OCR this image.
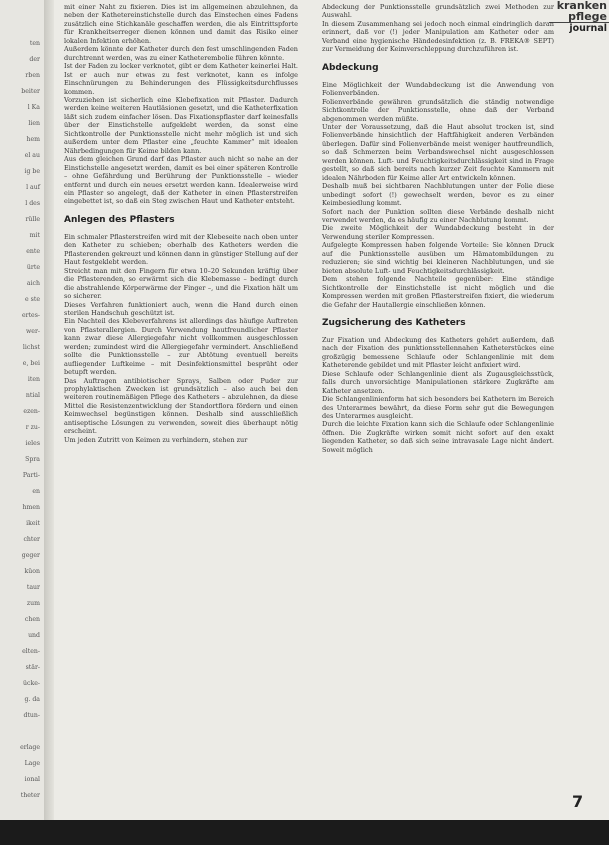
ten
der
rben
beiter
l Ka
lien
hem
el au
ig be
l auf
l des
rülle
mit
ente
ürte
aich
e ste
ertes-
wer-
lichst
e, bei
iten
ntial
ezen-
r zu-
ieles
Spra
Parti-
en
hmen
ikeit
chter
geger
küon
taur
zum
chen
und
elten-
stär-
ücke-
g. da
dtun-
erlage
Lage
ional
theter
kranken
pflege
journal

mit einer Naht zu fixieren. Dies ist im allgemeinen abzulehnen, da neben der Kathetereinstichstelle durch das Einstechen eines Fadens zusätzlich eine Stichkanäle geschaffen werden, die als Eintrittspforte für Krankheitserreger dienen können und damit das Risiko einer lokalen Infektion erhöhen.

Außerdem könnte der Katheter durch den fest umschlingenden Faden durchtrennt werden, was zu einer Katheterembolie führen könnte.

Ist der Faden zu locker verknotet, gibt er dem Katheter keinerlei Halt. Ist er auch nur etwas zu fest verknotet, kann es infolge Einschnürungen zu Behinderungen des Flüssigkeitsdurchflusses kommen.

Vorzuziehen ist sicherlich eine Klebefixation mit Pflaster. Dadurch werden keine weiteren Hautläsionen gesetzt, und die Katheterfixation läßt sich zudem einfacher lösen. Das Fixationspflaster darf keinesfalls über der Einstichstelle aufgeklebt werden, da sonst eine Sichtkontrolle der Punktionsstelle nicht mehr möglich ist und sich außerdem unter dem Pflaster eine „feuchte Kammer“ mit idealen Nährbedingungen für Keime bilden kann.

Aus dem gleichen Grund darf das Pflaster auch nicht so nahe an der Einstichstelle angesetzt werden, damit es bei einer späteren Kontrolle – ohne Gefährdung und Berührung der Punktionsstelle – wieder entfernt und durch ein neues ersetzt werden kann. Idealerweise wird ein Pflaster so angelegt, daß der Katheter in einen Pflasterstreifen eingebettet ist, so daß ein Steg zwischen Haut und Katheter entsteht.

Anlegen des Pflasters

Ein schmaler Pflasterstreifen wird mit der Klebeseite nach oben unter den Katheter zu schieben; oberhalb des Katheters werden die Pflasterenden gekreuzt und können dann in günstiger Stellung auf der Haut festgeklebt werden.

Streicht man mit den Fingern für etwa 10–20 Sekunden kräftig über die Pflasterenden, so erwärmt sich die Klebemasse – bedingt durch die abstrahlende Körperwärme der Finger –, und die Fixation hält um so sicherer.

Dieses Verfahren funktioniert auch, wenn die Hand durch einen sterilen Handschuh geschützt ist.

Ein Nachteil des Klebeverfahrens ist allerdings das häufige Auftreten von Pflasterallergien. Durch Verwendung hautfreundlicher Pflaster kann zwar diese Allergiegefahr nicht vollkommen ausgeschlossen werden; zumindest wird die Allergiegefahr vermindert. Anschließend sollte die Punktionsstelle – zur Abtötung eventuell bereits aufliegender Luftkeime – mit Desinfektionsmittel besprüht oder betupft werden.

Das Auftragen antibiotischer Sprays, Salben oder Puder zur prophylaktischen Zwecken ist grundsätzlich – also auch bei den weiteren routinemäßigen Pflege des Katheters – abzulehnen, da diese Mittel die Resistenzentwicklung der Standortflora fördern und einen Keimwechsel begünstigen können. Deshalb sind ausschließlich antiseptische Lösungen zu verwenden, soweit dies überhaupt nötig erscheint.

Um jeden Zutritt von Keimen zu verhindern, stehen zur

Abdeckung der Punktionsstelle grundsätzlich zwei Methoden zur Auswahl.

In diesem Zusammenhang sei jedoch noch einmal eindringlich daran erinnert, daß vor (!) jeder Manipulation am Katheter oder am Verband eine hygienische Händedesinfektion (z. B. FREKA® SEPT) zur Vermeidung der Keimverschleppung durchzuführen ist.

Abdeckung

Eine Möglichkeit der Wundabdeckung ist die Anwendung von Folienverbänden.

Folienverbände gewähren grundsätzlich die ständig notwendige Sichtkontrolle der Punktionsstelle, ohne daß der Verband abgenommen werden müßte.

Unter der Voraussetzung, daß die Haut absolut trocken ist, sind Folienverbände hinsichtlich der Haftfähigkeit anderen Verbänden überlegen. Dafür sind Folienverbände meist weniger hautfreundlich, so daß Schmerzen beim Verbandswechsel nicht ausgeschlossen werden können. Luft- und Feuchtigkeitsdurchlässigkeit sind in Frage gestellt, so daß sich bereits nach kurzer Zeit feuchte Kammern mit idealen Nährboden für Keime aller Art entwickeln können.

Deshalb muß bei sichtbaren Nachblutungen unter der Folie diese unbedingt sofort (!) gewechselt werden, bevor es zu einer Keimbesiedlung kommt.

Sofort nach der Punktion sollten diese Verbände deshalb nicht verwendet werden, da es häufig zu einer Nachblutung kommt.

Die zweite Möglichkeit der Wundabdeckung besteht in der Verwendung steriler Kompressen.

Aufgelegte Kompressen haben folgende Vorteile: Sie können Druck auf die Punktionsstelle ausüben um Hämatombildungen zu reduzieren; sie sind wichtig bei kleineren Nachblutungen, und sie bieten absolute Luft- und Feuchtigkeitsdurchlässigkeit.

Dem stehen folgende Nachteile gegenüber: Eine ständige Sichtkontrolle der Einstichstelle ist nicht möglich und die Kompressen werden mit großen Pflasterstreifen fixiert, die wiederum die Gefahr der Hautallergie einschließen können.

Zugsicherung des Katheters

Zur Fixation und Abdeckung des Katheters gehört außerdem, daß nach der Fixation des punktionsstellennahen Katheterstückes eine großzügig bemessene Schlaufe oder Schlangenlinie mit dem Katheterende gebildet und mit Pflaster leicht anfixiert wird.

Diese Schlaufe oder Schlangenlinie dient als Zugausgleichsstück, falls durch unvorsichtige Manipulationen stärkere Zugkräfte am Katheter ansetzen.

Die Schlangenlinienform hat sich besonders bei Kathetern im Bereich des Unterarmes bewährt, da diese Form sehr gut die Bewegungen des Unterarmes ausgleicht.

Durch die leichte Fixation kann sich die Schlaufe oder Schlangenlinie öffnen. Die Zugkräfte wirken somit nicht sofort auf den exakt liegenden Katheter, so daß sich seine intravasale Lage nicht ändert. Soweit möglich

7
